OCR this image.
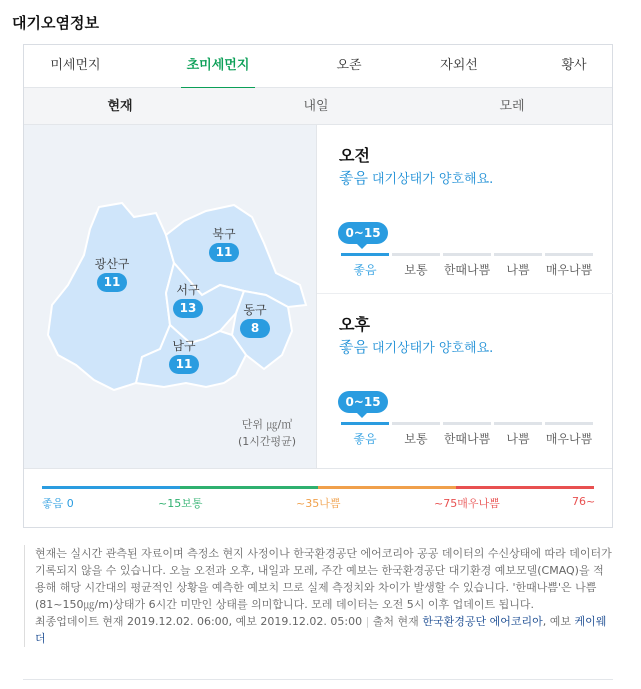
대기오염정보
미세먼지	초미세먼지	오존	자외선	황사
현재	내일	모레
광산구
11
북구
11
서구
13	동구
8
남구
11
단위 ㎍/㎥
(1시간평균)
오전
좋음 대기상태가 양호해요.
0~15
좋음	보통	한때나쁨	나쁨	매우나쁨
오후
좋음 대기상태가 양호해요.
0~15
좋음	보통	한때나쁨	나쁨	매우나쁨
좋음 0	~15보통	~35나쁨	~75매우나쁨	76~
현재는 실시간 관측된 자료이며 측정소 현지 사정이나 한국환경공단 에어코리아 공공 데이터의 수신상태에 따라 데이터가 기록되지 않을 수 있습니다. 오늘 오전과 오후, 내일과 모레, 주간 예보는 한국환경공단 대기환경 예보모델(CMAQ)을 적용해 해당 시간대의 평균적인 상황을 예측한 예보치 므로 실제 측정치와 차이가 발생할 수 있습니다. '한때나쁨'은 나쁨(81~150㎍/m)상태가 6시간 미만인 상태를 의미합니다. 모레 데이터는 오전 5시 이후 업데이트 됩니다.
최종업데이트 현재 2019.12.02. 06:00, 예보 2019.12.02. 05:00 | 출처 현재 한국환경공단 에어코리아, 예보 케이웨더
